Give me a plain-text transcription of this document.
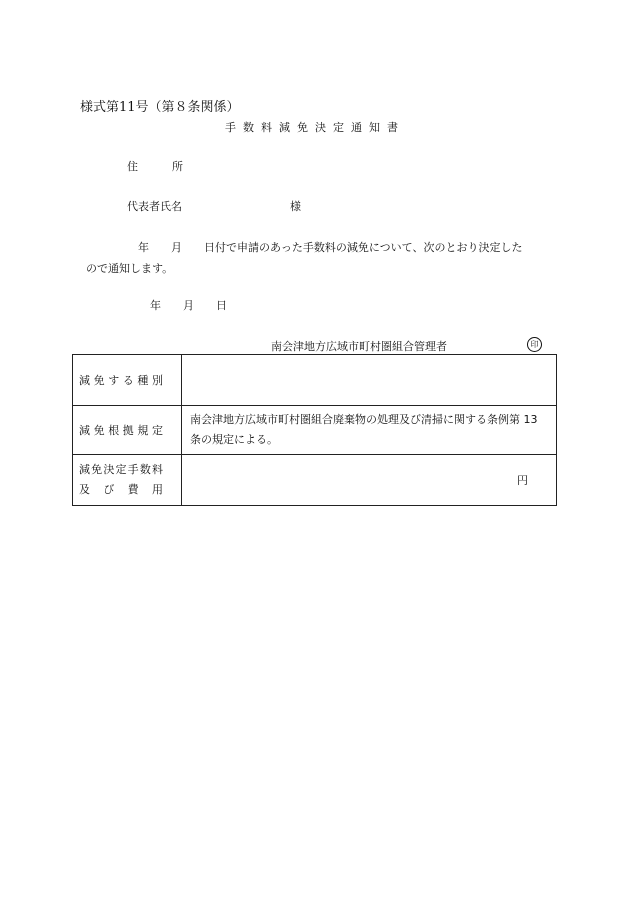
様式第11号（第８条関係）
手数料減免決定通知書
住所
代表者氏名	様
年 月 日付で申請のあった手数料の減免について、次のとおり決定した
ので通知します。
年 月 日
南会津地方広域市町村圏組合管理者	印
減免する種別	

減免根拠規定	南会津地方広域市町村圏組合廃棄物の処理及び清掃に関する条例第 13
条の規定による。

減免決定手数料
及び費用	円
